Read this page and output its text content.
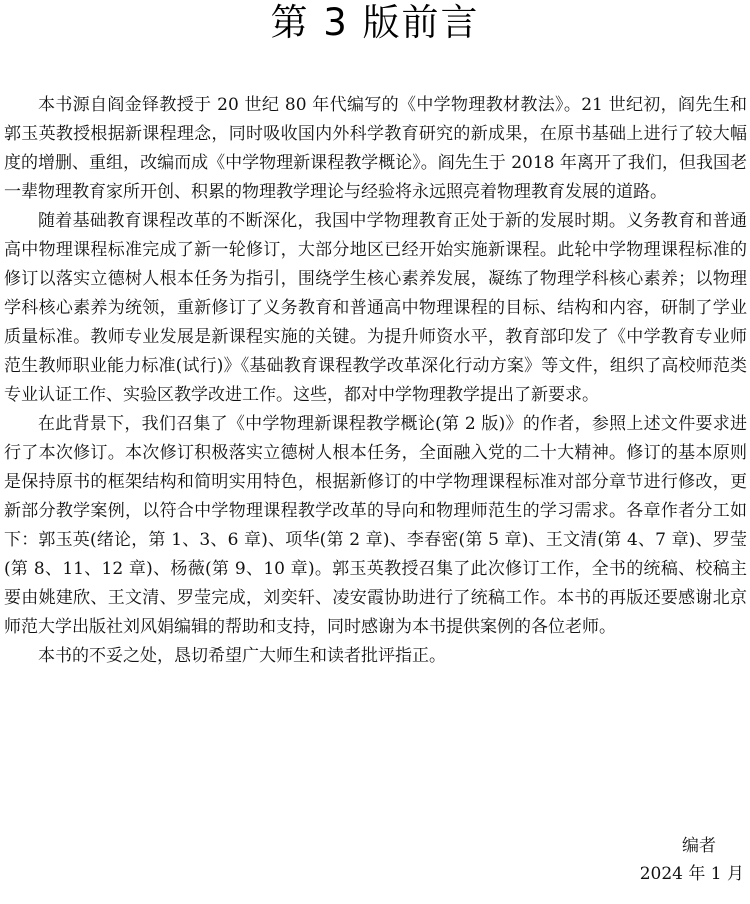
第 3 版前言

本书源自阎金铎教授于 20 世纪 80 年代编写的《中学物理教材教法》。21 世纪初，阎先生和郭玉英教授根据新课程理念，同时吸收国内外科学教育研究的新成果，在原书基础上进行了较大幅度的增删、重组，改编而成《中学物理新课程教学概论》。阎先生于 2018 年离开了我们，但我国老一辈物理教育家所开创、积累的物理教学理论与经验将永远照亮着物理教育发展的道路。

随着基础教育课程改革的不断深化，我国中学物理教育正处于新的发展时期。义务教育和普通高中物理课程标准完成了新一轮修订，大部分地区已经开始实施新课程。此轮中学物理课程标准的修订以落实立德树人根本任务为指引，围绕学生核心素养发展，凝练了物理学科核心素养；以物理学科核心素养为统领，重新修订了义务教育和普通高中物理课程的目标、结构和内容，研制了学业质量标准。教师专业发展是新课程实施的关键。为提升师资水平，教育部印发了《中学教育专业师范生教师职业能力标准(试行)》《基础教育课程教学改革深化行动方案》等文件，组织了高校师范类专业认证工作、实验区教学改进工作。这些，都对中学物理教学提出了新要求。

在此背景下，我们召集了《中学物理新课程教学概论(第 2 版)》的作者，参照上述文件要求进行了本次修订。本次修订积极落实立德树人根本任务，全面融入党的二十大精神。修订的基本原则是保持原书的框架结构和简明实用特色，根据新修订的中学物理课程标准对部分章节进行修改，更新部分教学案例，以符合中学物理课程教学改革的导向和物理师范生的学习需求。各章作者分工如下：郭玉英(绪论，第 1、3、6 章)、项华(第 2 章)、李春密(第 5 章)、王文清(第 4、7 章)、罗莹(第 8、11、12 章)、杨薇(第 9、10 章)。郭玉英教授召集了此次修订工作，全书的统稿、校稿主要由姚建欣、王文清、罗莹完成，刘奕轩、凌安霞协助进行了统稿工作。本书的再版还要感谢北京师范大学出版社刘风娟编辑的帮助和支持，同时感谢为本书提供案例的各位老师。

本书的不妥之处，恳切希望广大师生和读者批评指正。

编者
2024 年 1 月
